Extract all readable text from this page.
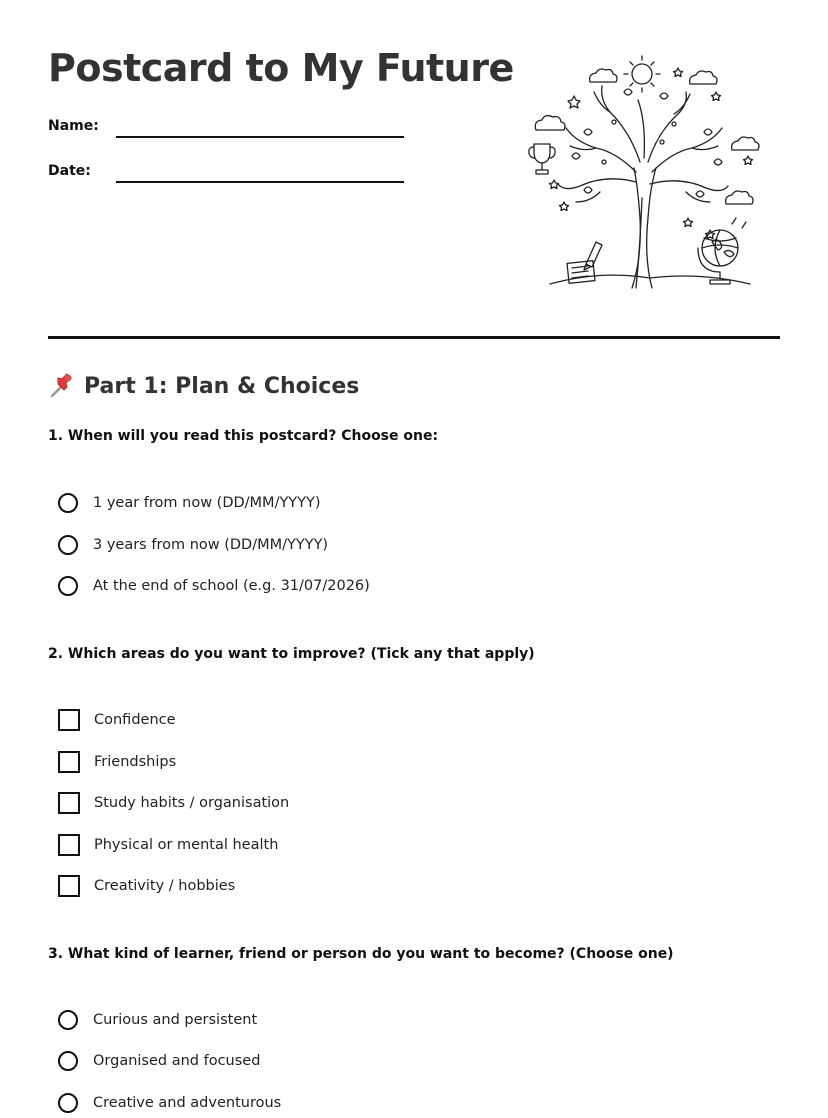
Postcard to My Future
Name:
Date:
Part 1: Plan & Choices

1. When will you read this postcard? Choose one:

1 year from now (DD/MM/YYYY)
3 years from now (DD/MM/YYYY)
At the end of school (e.g. 31/07/2026)

2. Which areas do you want to improve? (Tick any that apply)

Confidence
Friendships
Study habits / organisation
Physical or mental health
Creativity / hobbies

3. What kind of learner, friend or person do you want to become? (Choose one)

Curious and persistent
Organised and focused
Creative and adventurous
